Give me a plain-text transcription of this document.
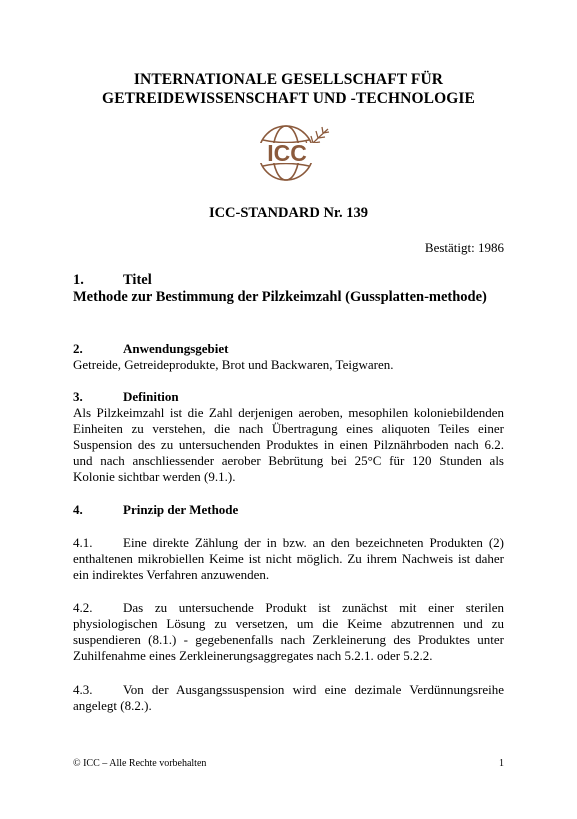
INTERNATIONALE GESELLSCHAFT FÜR
GETREIDEWISSENSCHAFT UND -TECHNOLOGIE
ICC
ICC-STANDARD Nr. 139
Bestätigt: 1986
1.	Titel
Methode zur Bestimmung der Pilzkeimzahl (Gussplatten-methode)
2.	Anwendungsgebiet
Getreide, Getreideprodukte, Brot und Backwaren, Teigwaren.
3.	Definition
Als Pilzkeimzahl ist die Zahl derjenigen aeroben, mesophilen koloniebildenden Einheiten zu verstehen, die nach Übertragung eines aliquoten Teiles einer Suspension des zu untersuchenden Produktes in einen Pilznährboden nach 6.2. und nach anschliessender aerober Bebrütung bei 25°C für 120 Stunden als Kolonie sichtbar werden (9.1.).
4.	Prinzip der Methode
4.1. Eine direkte Zählung der in bzw. an den bezeichneten Produkten (2) enthaltenen mikrobiellen Keime ist nicht möglich. Zu ihrem Nachweis ist daher ein indirektes Verfahren anzuwenden.
4.2. Das zu untersuchende Produkt ist zunächst mit einer sterilen physiologischen Lösung zu versetzen, um die Keime abzutrennen und zu suspendieren (8.1.) - gegebenenfalls nach Zerkleinerung des Produktes unter Zuhilfenahme eines Zerkleinerungsaggregates nach 5.2.1. oder 5.2.2.
4.3. Von der Ausgangssuspension wird eine dezimale Verdünnungsreihe angelegt (8.2.).
© ICC – Alle Rechte vorbehalten	1
